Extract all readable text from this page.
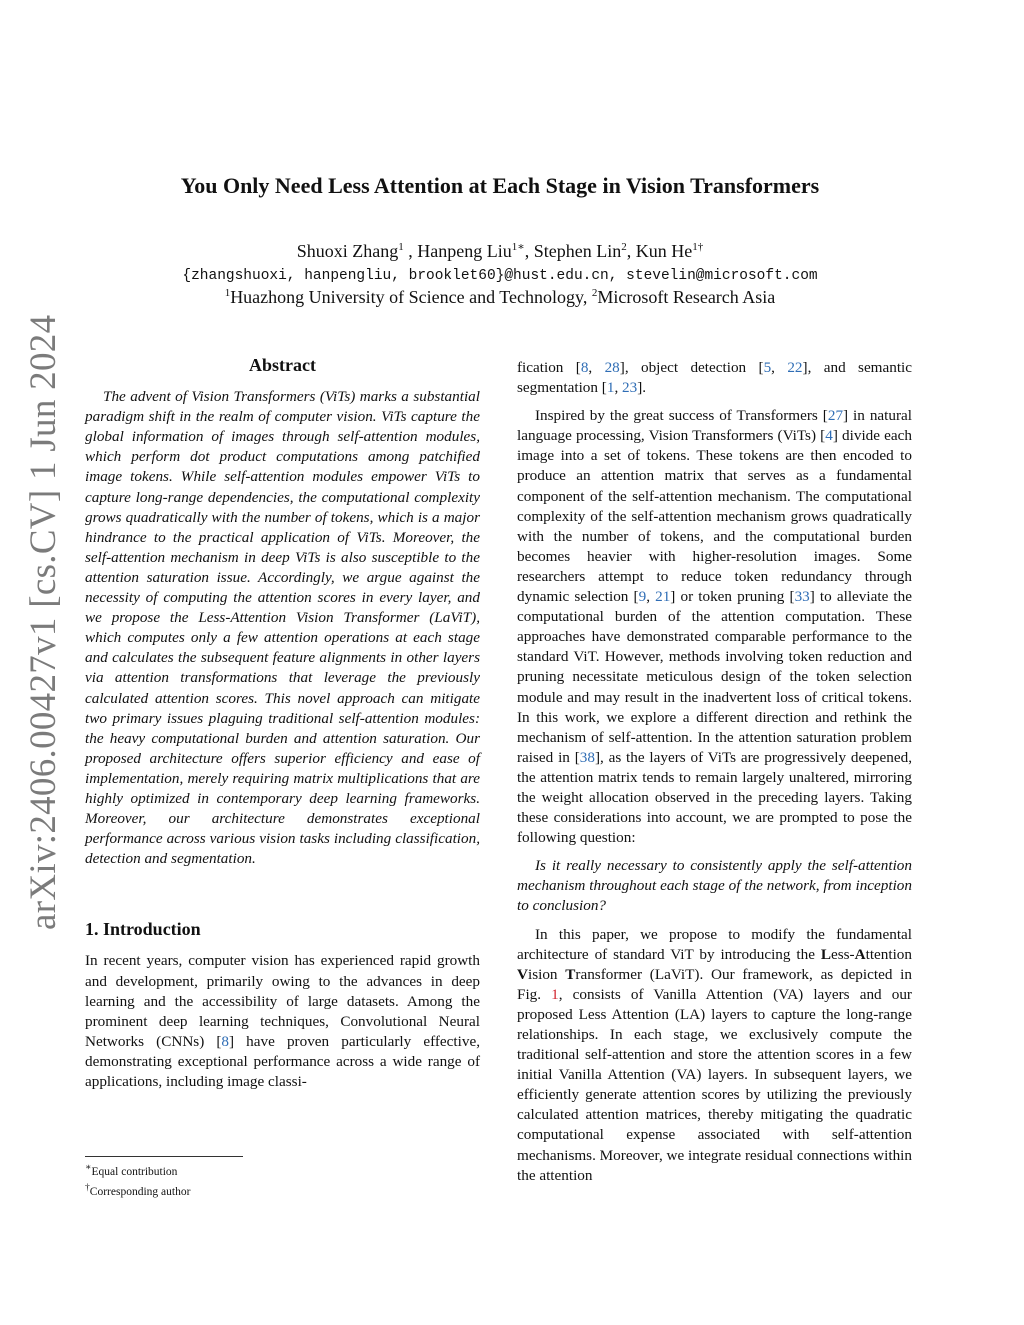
arXiv:2406.00427v1 [cs.CV] 1 Jun 2024
You Only Need Less Attention at Each Stage in Vision Transformers
Shuoxi Zhang$^1$ , Hanpeng Liu$^{1∗}$, Stephen Lin$^2$, Kun $He^{1\dagger}$
{zhangshuoxi, hanpengliu, brooklet60}@hust.edu.cn, stevelin@microsoft.com
$^1$Huazhong University of Science and Technology, $^2$Microsoft Research Asia
Abstract
The advent of Vision Transformers (ViTs) marks a substantial paradigm shift in the realm of computer vision. ViTs capture the global information of images through self-attention modules, which perform dot product computations among patchified image tokens. While self-attention modules empower ViTs to capture long-range dependencies, the computational complexity grows quadratically with the number of tokens, which is a major hindrance to the practical application of ViTs. Moreover, the self-attention mechanism in deep ViTs is also susceptible to the attention saturation issue. Accordingly, we argue against the necessity of computing the attention scores in every layer, and we propose the Less-Attention Vision Transformer (LaViT), which computes only a few attention operations at each stage and calculates the subsequent feature alignments in other layers via attention transformations that leverage the previously calculated attention scores. This novel approach can mitigate two primary issues plaguing traditional self-attention modules: the heavy computational burden and attention saturation. Our proposed architecture offers superior efficiency and ease of implementation, merely requiring matrix multiplications that are highly optimized in contemporary deep learning frameworks. Moreover, our architecture demonstrates exceptional performance across various vision tasks including classification, detection and segmentation.
1. Introduction

In recent years, computer vision has experienced rapid growth and development, primarily owing to the advances in deep learning and the accessibility of large datasets. Among the prominent deep learning techniques, Convolutional Neural Networks (CNNs) [8] have proven particularly effective, demonstrating exceptional performance across a wide range of applications, including image classi-

fication [8, 28], object detection [5, 22], and semantic segmentation [1, 23].

Inspired by the great success of Transformers [27] in natural language processing, Vision Transformers (ViTs) [4] divide each image into a set of tokens. These tokens are then encoded to produce an attention matrix that serves as a fundamental component of the self-attention mechanism. The computational complexity of the self-attention mechanism grows quadratically with the number of tokens, and the computational burden becomes heavier with higher-resolution images. Some researchers attempt to reduce token redundancy through dynamic selection [9, 21] or token pruning [33] to alleviate the computational burden of the attention computation. These approaches have demonstrated comparable performance to the standard ViT. However, methods involving token reduction and pruning necessitate meticulous design of the token selection module and may result in the inadvertent loss of critical tokens. In this work, we explore a different direction and rethink the mechanism of self-attention. In the attention saturation problem raised in [38], as the layers of ViTs are progressively deepened, the attention matrix tends to remain largely unaltered, mirroring the weight allocation observed in the preceding layers. Taking these considerations into account, we are prompted to pose the following question:

Is it really necessary to consistently apply the self-attention mechanism throughout each stage of the network, from inception to conclusion?

In this paper, we propose to modify the fundamental architecture of standard ViT by introducing the Less-Attention Vision Transformer (LaViT). Our framework, as depicted in Fig. 1, consists of Vanilla Attention (VA) layers and our proposed Less Attention (LA) layers to capture the long-range relationships. In each stage, we exclusively compute the traditional self-attention and store the attention scores in a few initial Vanilla Attention (VA) layers. In subsequent layers, we efficiently generate attention scores by utilizing the previously calculated attention matrices, thereby mitigating the quadratic computational expense associated with self-attention mechanisms. Moreover, we integrate residual connections within the attention

∗Equal contribution
†Corresponding author
